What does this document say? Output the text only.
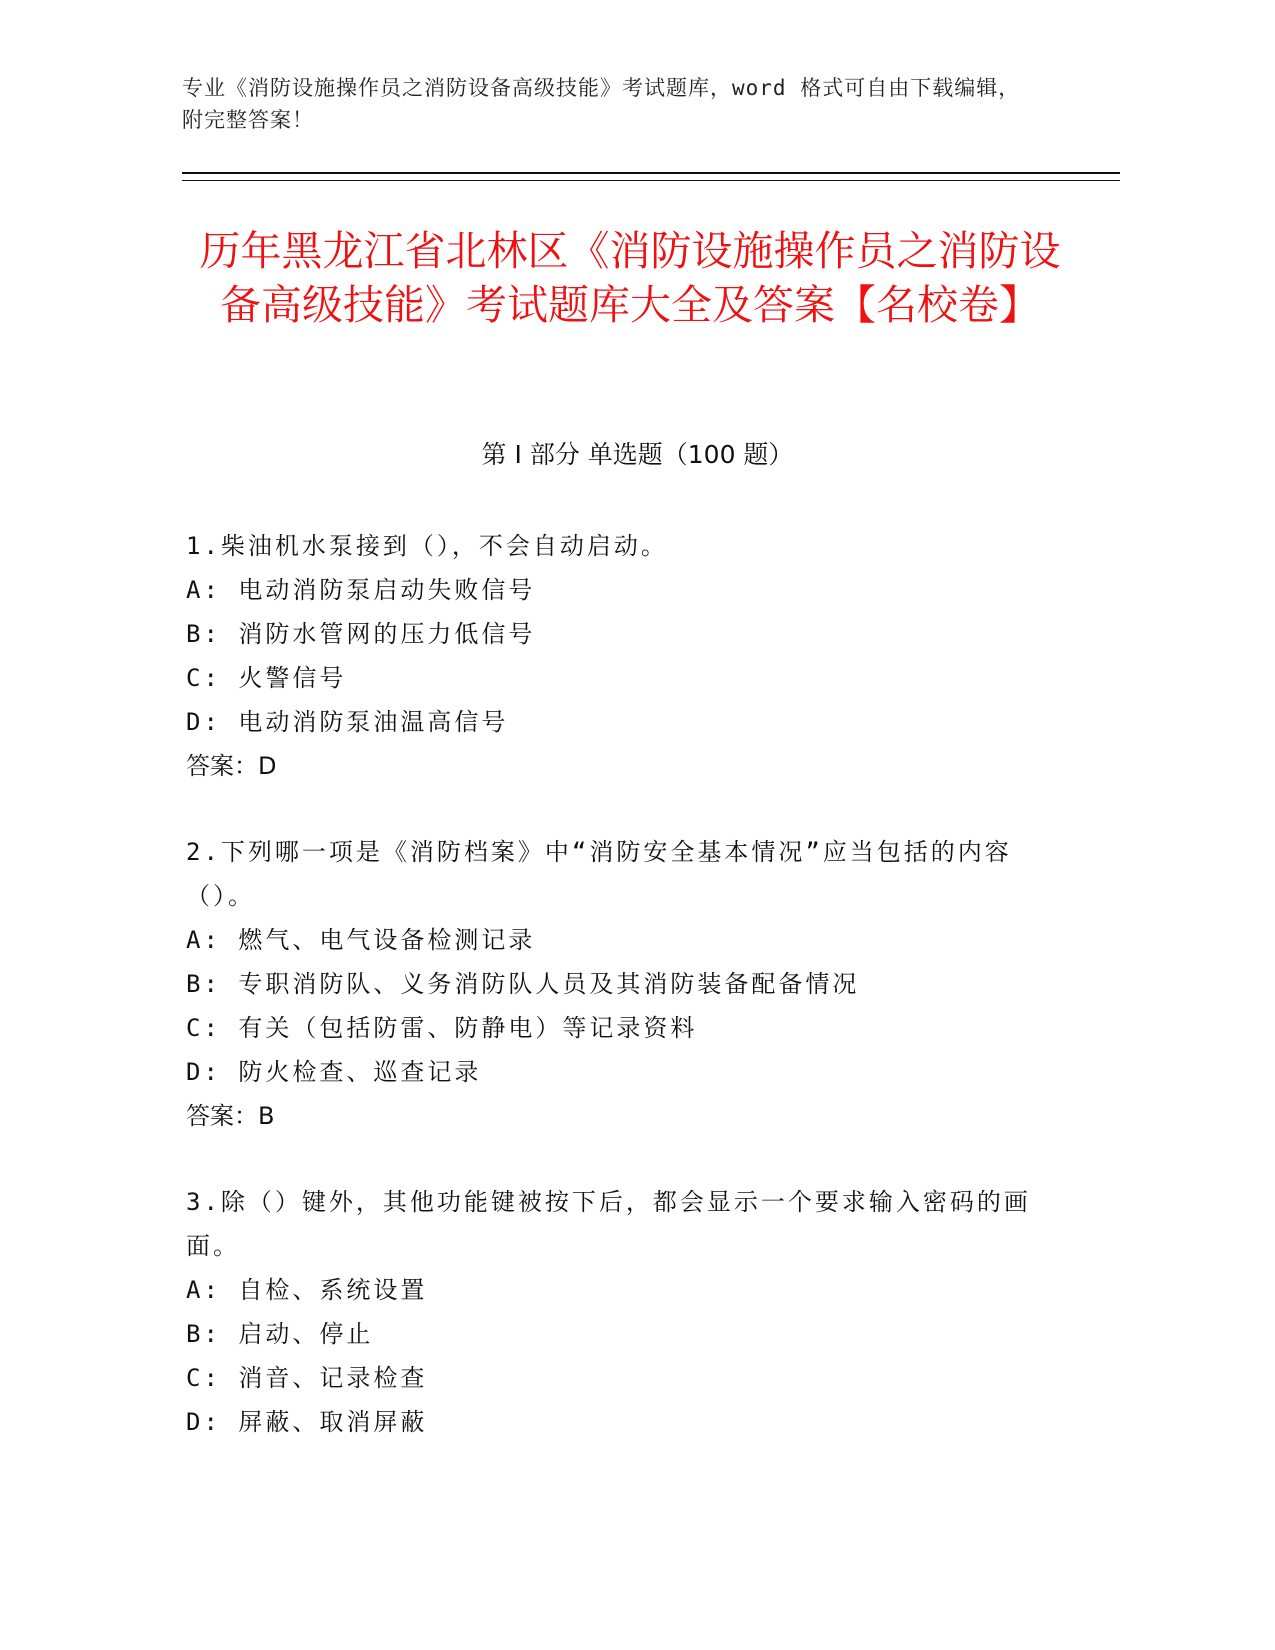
专业《消防设施操作员之消防设备高级技能》考试题库，word 格式可自由下载编辑，附完整答案！
历年黑龙江省北林区《消防设施操作员之消防设备高级技能》考试题库大全及答案【名校卷】
第 I 部分 单选题（100 题）
1.柴油机水泵接到（），不会自动启动。
A: 电动消防泵启动失败信号
B: 消防水管网的压力低信号
C: 火警信号
D: 电动消防泵油温高信号
答案：D
2.下列哪一项是《消防档案》中“消防安全基本情况”应当包括的内容（）。
A: 燃气、电气设备检测记录
B: 专职消防队、义务消防队人员及其消防装备配备情况
C: 有关（包括防雷、防静电）等记录资料
D: 防火检查、巡查记录
答案：B
3.除（）键外，其他功能键被按下后，都会显示一个要求输入密码的画面。
A: 自检、系统设置
B: 启动、停止
C: 消音、记录检查
D: 屏蔽、取消屏蔽
